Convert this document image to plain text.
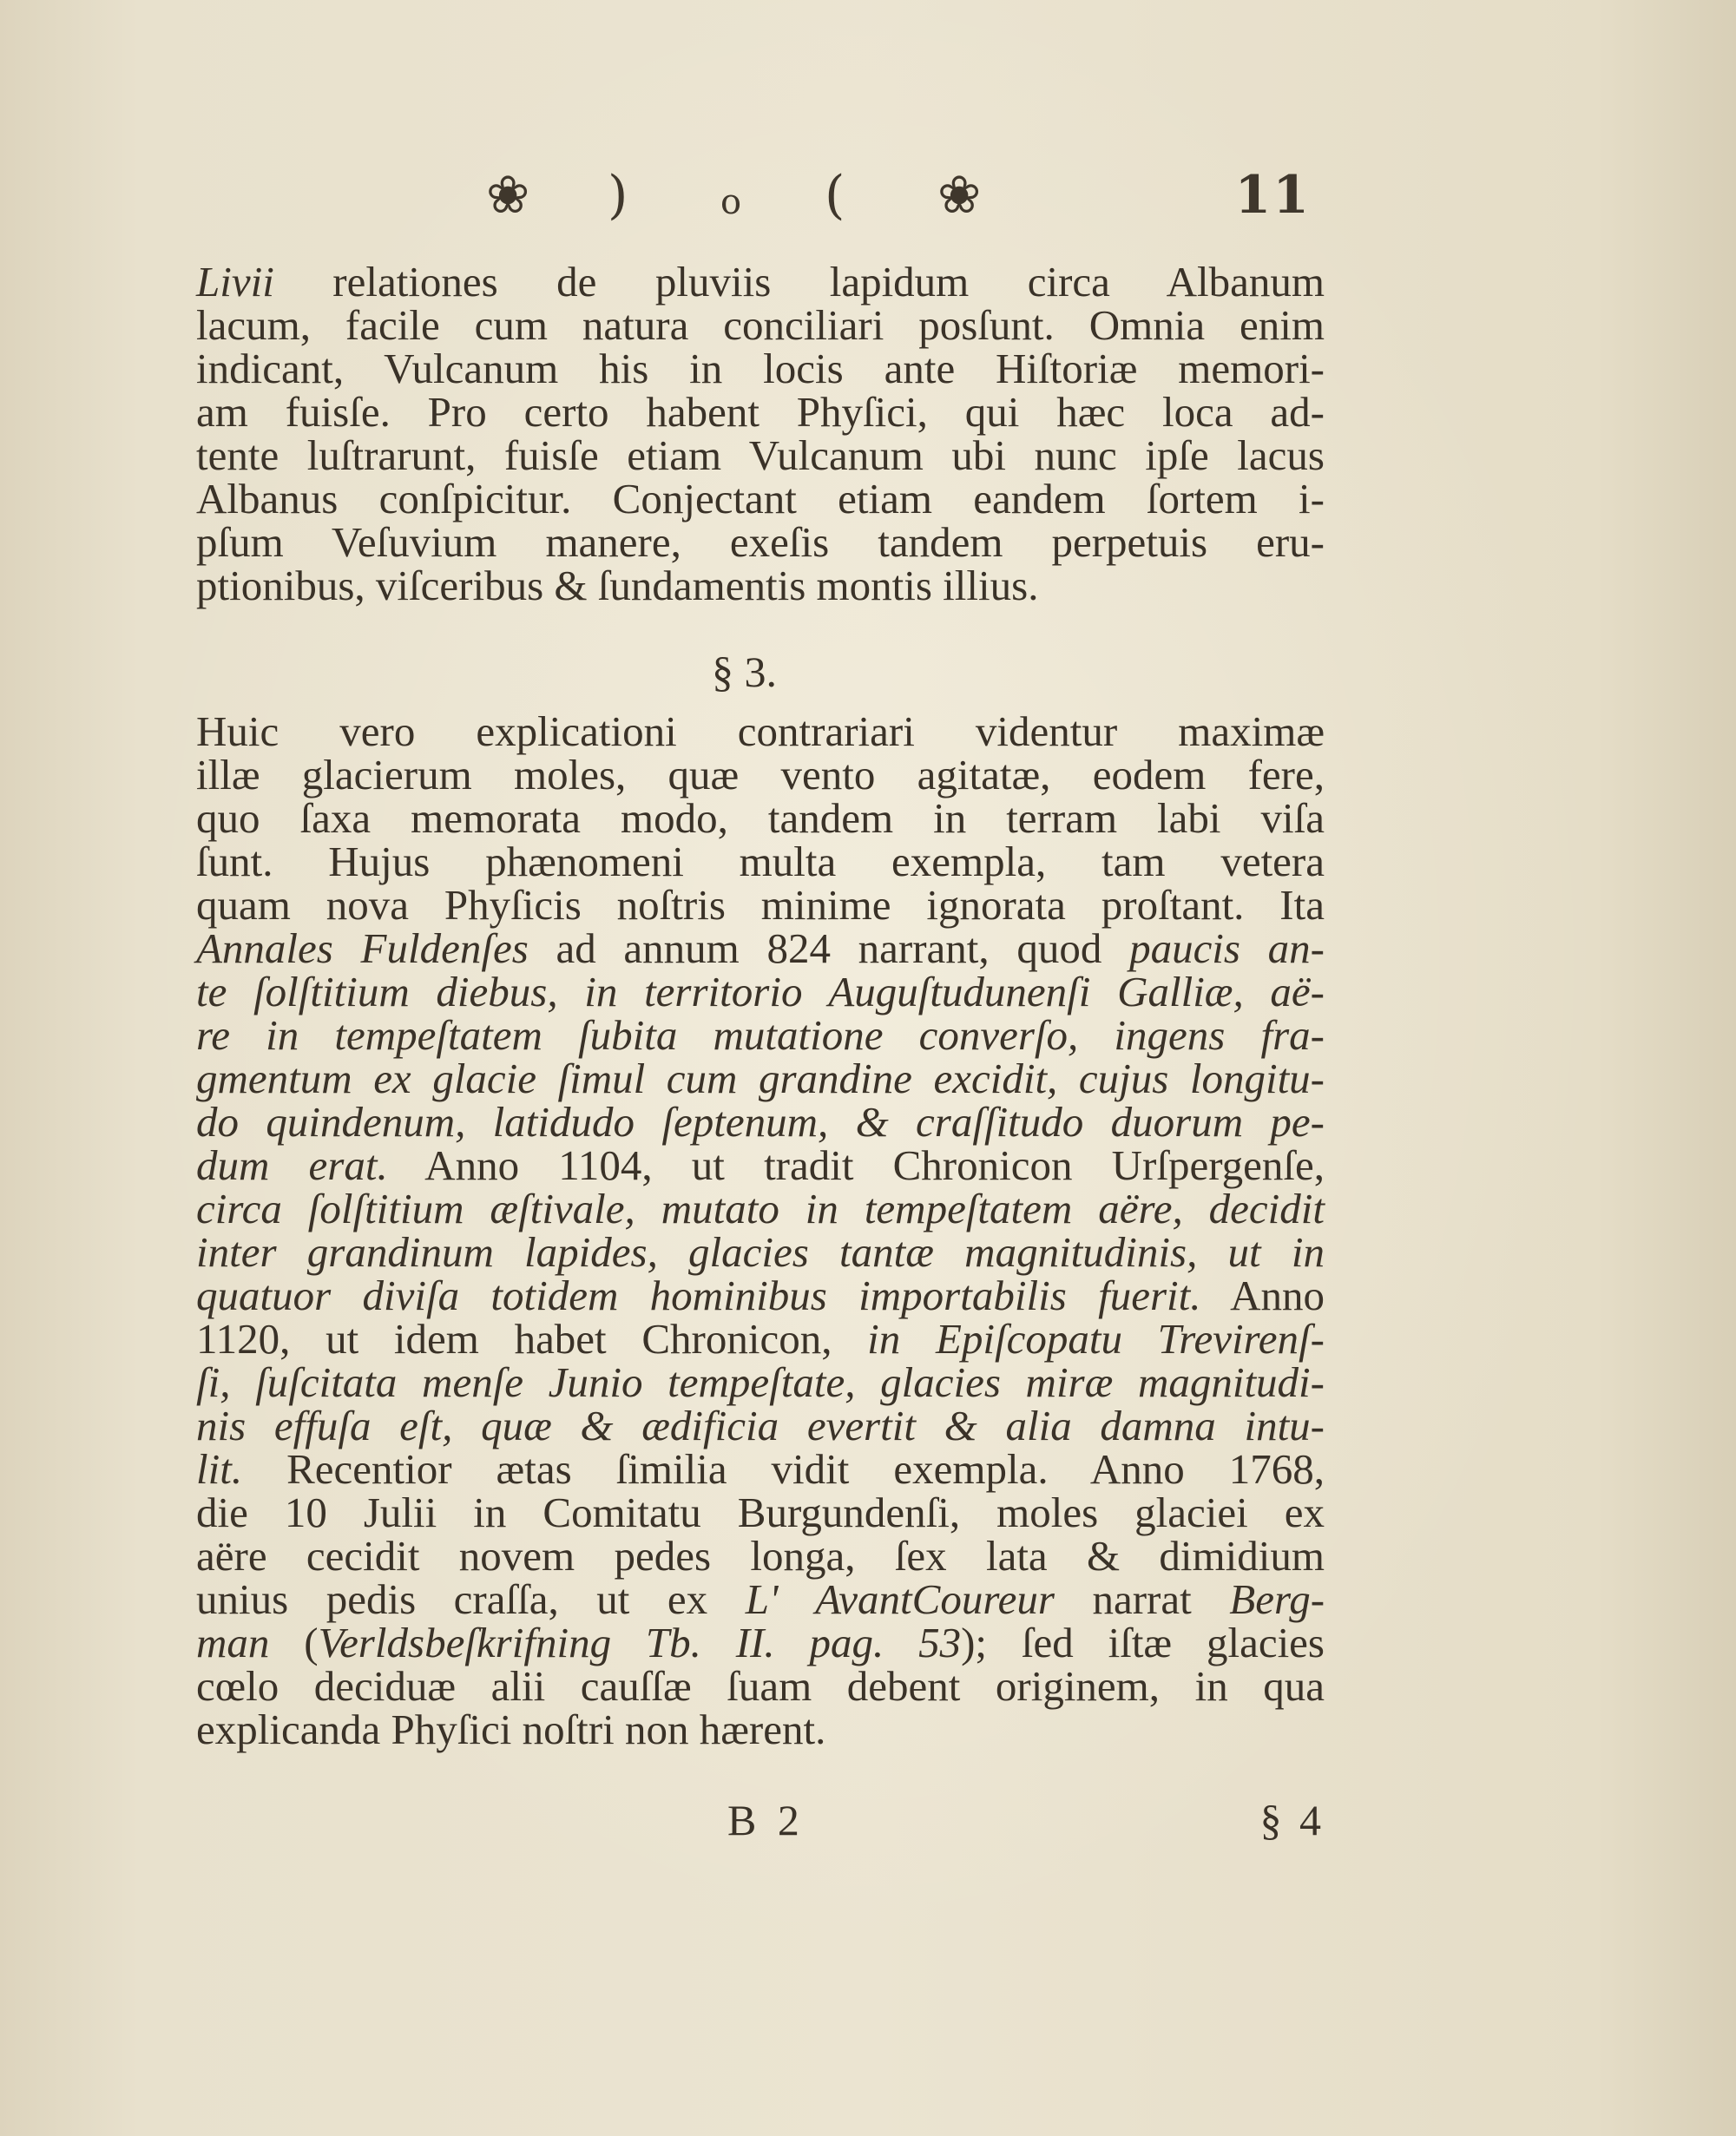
❀ )	o ( ❀	11
Livii relationes de pluviis lapidum circa Albanum
lacum, facile cum natura conciliari posſunt. Omnia enim
indicant, Vulcanum his in locis ante Hiſtoriæ memori-
am fuisſe. Pro certo habent Phyſici, qui hæc loca ad-
tente luſtrarunt, fuisſe etiam Vulcanum ubi nunc ipſe lacus
Albanus conſpicitur. Conjectant etiam eandem ſortem i-
pſum Veſuvium manere, exeſis tandem perpetuis eru-
ptionibus, viſceribus & ſundamentis montis illius.
§ 3.
Huic vero explicationi contrariari videntur maximæ
illæ glacierum moles, quæ vento agitatæ, eodem fere,
quo ſaxa memorata modo, tandem in terram labi viſa
ſunt. Hujus phænomeni multa exempla, tam vetera
quam nova Phyſicis noſtris minime ignorata proſtant. Ita
Annales Fuldenſes ad annum 824 narrant, quod paucis an-
te ſolſtitium diebus, in territorio Auguſtudunenſi Galliæ, aë-
re in tempeſtatem ſubita mutatione converſo, ingens fra-
gmentum ex glacie ſimul cum grandine excidit, cujus longitu-
do quindenum, latidudo ſeptenum, & craſſitudo duorum pe-
dum erat. Anno 1104, ut tradit Chronicon Urſpergenſe,
circa ſolſtitium æſtivale, mutato in tempeſtatem aëre, decidit
inter grandinum lapides, glacies tantæ magnitudinis, ut in
quatuor diviſa totidem hominibus importabilis fuerit. Anno
1120, ut idem habet Chronicon, in Epiſcopatu Trevirenſ-
ſi, ſuſcitata menſe Junio tempeſtate, glacies miræ magnitudi-
nis effuſa eſt, quæ & ædificia evertit & alia damna intu-
lit. Recentior ætas ſimilia vidit exempla. Anno 1768,
die 10 Julii in Comitatu Burgundenſi, moles glaciei ex
aëre cecidit novem pedes longa, ſex lata & dimidium
unius pedis craſſa, ut ex L' AvantCoureur narrat Berg-
man (Verldsbeſkrifning Tb. II. pag. 53); ſed iſtæ glacies
cœlo deciduæ alii cauſſæ ſuam debent originem, in qua
explicanda Phyſici noſtri non hærent.
B 2	§ 4
